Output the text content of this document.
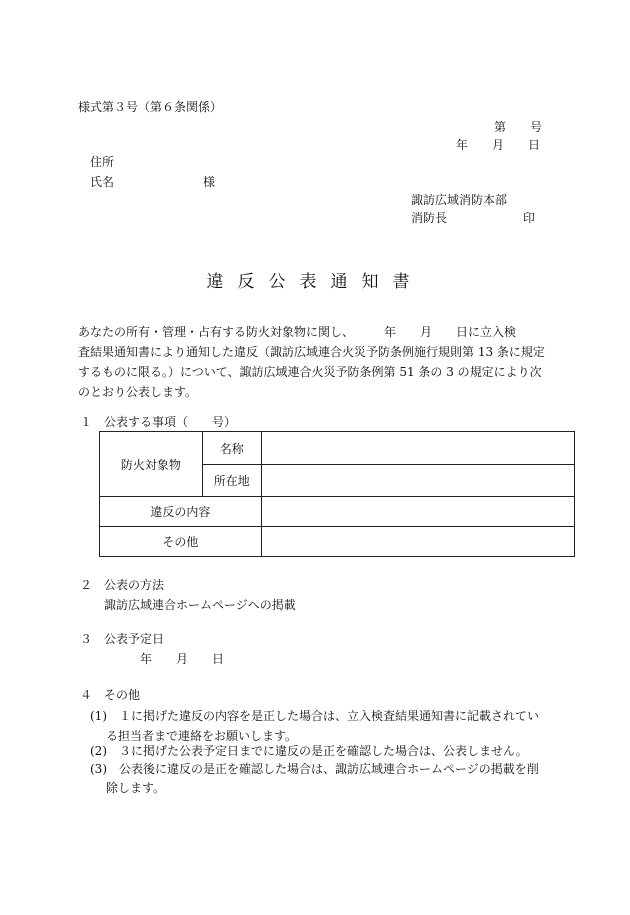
様式第３号（第６条関係）
第　　号
年　　月　　日
住所
氏名	様
諏訪広域消防本部
消防長	印
違反公表通知書

あなたの所有・管理・占有する防火対象物に関し、　　　年　　月　　日に立入検

査結果通知書により通知した違反（諏訪広域連合火災予防条例施行規則第 13 条に規定

するものに限る。）について、諏訪広域連合火災予防条例第 51 条の 3 の規定により次

のとおり公表します。

１　公表する事項（　　号）
防火対象物	名称	
	所在地	
違反の内容		
その他		
２　公表の方法
諏訪広域連合ホームページへの掲載
３　公表予定日
年　　月　　日
４　その他
(1)　１に掲げた違反の内容を是正した場合は、立入検査結果通知書に記載されてい
る担当者まで連絡をお願いします。
(2)　３に掲げた公表予定日までに違反の是正を確認した場合は、公表しません。
(3)　公表後に違反の是正を確認した場合は、諏訪広域連合ホームページの掲載を削
除します。
